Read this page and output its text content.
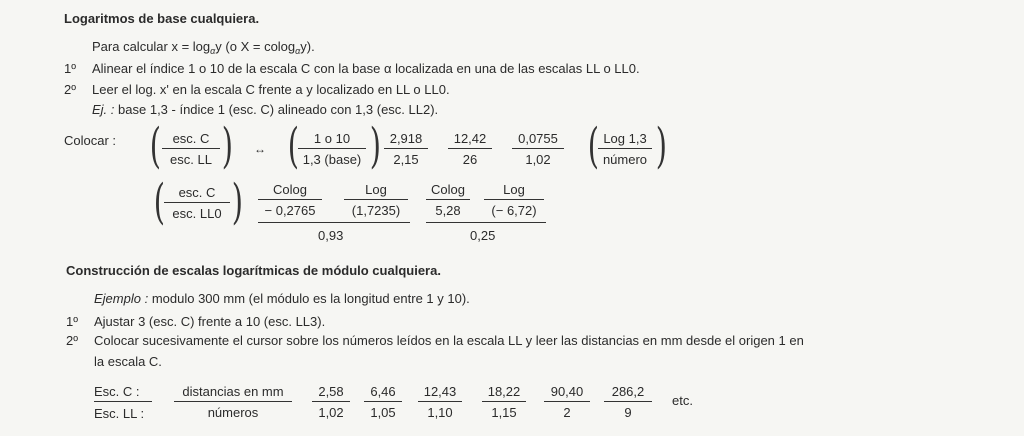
Logaritmos de base cualquiera.
Para calcular $x = \log_\alpha y$ (o X = colog$_\alpha$y).
1º Alinear el índice 1 o 10 de la escala C con la base α localizada en una de las escalas LL o LL0.
2º Leer el log. x' en la escala C frente a y localizado en LL o LL0.
Ej. : base 1,3 - índice 1 (esc. C) alineado con 1,3 (esc. LL2).
Colocar : ( esc. C
esc. LL ) ↔ ( 1 o 10
1,3 (base) ) 2,918
2,15
12,42
26
0,0755
1,02 ( Log 1,3
número )
( esc. C
esc. LL0 ) Colog
− 0,2765
Log
(1,7235)
0,93
Colog
5,28
Log
(− 6,72)
0,25
Construcción de escalas logarítmicas de módulo cualquiera.
Ejemplo : modulo 300 mm (el módulo es la longitud entre 1 y 10).
1º Ajustar 3 (esc. C) frente a 10 (esc. LL3).
2º Colocar sucesivamente el cursor sobre los números leídos en la escala LL y leer las distancias en mm desde el origen 1 en
la escala C.
Esc. C :
Esc. LL :
distancias en mm
números
2,58
1,02
6,46
1,05
12,43
1,10
18,22
1,15
90,40
2
286,2
9
etc.
